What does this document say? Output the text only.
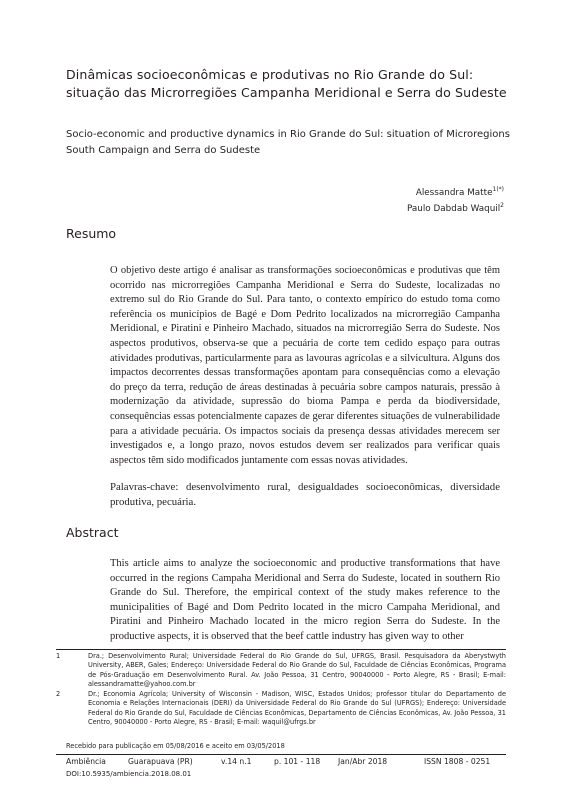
Dinâmicas socioeconômicas e produtivas no Rio Grande do Sul: situação das Microrregiões Campanha Meridional e Serra do Sudeste
Socio-economic and productive dynamics in Rio Grande do Sul: situation of Microregions South Campaign and Serra do Sudeste
Alessandra Matte$^{1(*)}$
Paulo Dabdab Waquil$^2$
Resumo
O objetivo deste artigo é analisar as transformações socioeconômicas e produtivas que têm ocorrido nas microrregiões Campanha Meridional e Serra do Sudeste, localizadas no extremo sul do Rio Grande do Sul. Para tanto, o contexto empírico do estudo toma como referência os municípios de Bagé e Dom Pedrito localizados na microrregião Campanha Meridional, e Piratini e Pinheiro Machado, situados na microrregião Serra do Sudeste. Nos aspectos produtivos, observa-se que a pecuária de corte tem cedido espaço para outras atividades produtivas, particularmente para as lavouras agrícolas e a silvicultura. Alguns dos impactos decorrentes dessas transformações apontam para consequências como a elevação do preço da terra, redução de áreas destinadas à pecuária sobre campos naturais, pressão à modernização da atividade, supressão do bioma Pampa e perda da biodiversidade, consequências essas potencialmente capazes de gerar diferentes situações de vulnerabilidade para a atividade pecuária. Os impactos sociais da presença dessas atividades merecem ser investigados e, a longo prazo, novos estudos devem ser realizados para verificar quais aspectos têm sido modificados juntamente com essas novas atividades.
Palavras-chave: desenvolvimento rural, desigualdades socioeconômicas, diversidade produtiva, pecuária.
Abstract
This article aims to analyze the socioeconomic and productive transformations that have occurred in the regions Campaha Meridional and Serra do Sudeste, located in southern Rio Grande do Sul. Therefore, the empirical context of the study makes reference to the municipalities of Bagé and Dom Pedrito located in the micro Campaha Meridional, and Piratini and Pinheiro Machado located in the micro region Serra do Sudeste. In the productive aspects, it is observed that the beef cattle industry has given way to other
1	Dra.; Desenvolvimento Rural; Universidade Federal do Rio Grande do Sul, UFRGS, Brasil. Pesquisadora da Aberystwyth University, ABER, Gales; Endereço: Universidade Federal do Rio Grande do Sul, Faculdade de Ciências Econômicas, Programa de Pós-Graduação em Desenvolvimento Rural. Av. João Pessoa, 31 Centro, 90040000 - Porto Alegre, RS - Brasil; E-mail: alessandramatte@yahoo.com.br
2	Dr.; Economia Agrícola; University of Wisconsin - Madison, WISC, Estados Unidos; professor titular do Departamento de Economia e Relações Internacionais (DERI) da Universidade Federal do Rio Grande do Sul (UFRGS); Endereço: Universidade Federal do Rio Grande do Sul, Faculdade de Ciências Econômicas, Departamento de Ciências Econômicas, Av. João Pessoa, 31 Centro, 90040000 - Porto Alegre, RS - Brasil; E-mail: waquil@ufrgs.br
Recebido para publicação em 05/08/2016 e aceito em 03/05/2018
Ambiência	Guarapuava (PR)	v.14 n.1	p. 101 - 118 Jan/Abr 2018	ISSN 1808 - 0251
DOI:10.5935/ambiencia.2018.08.01
